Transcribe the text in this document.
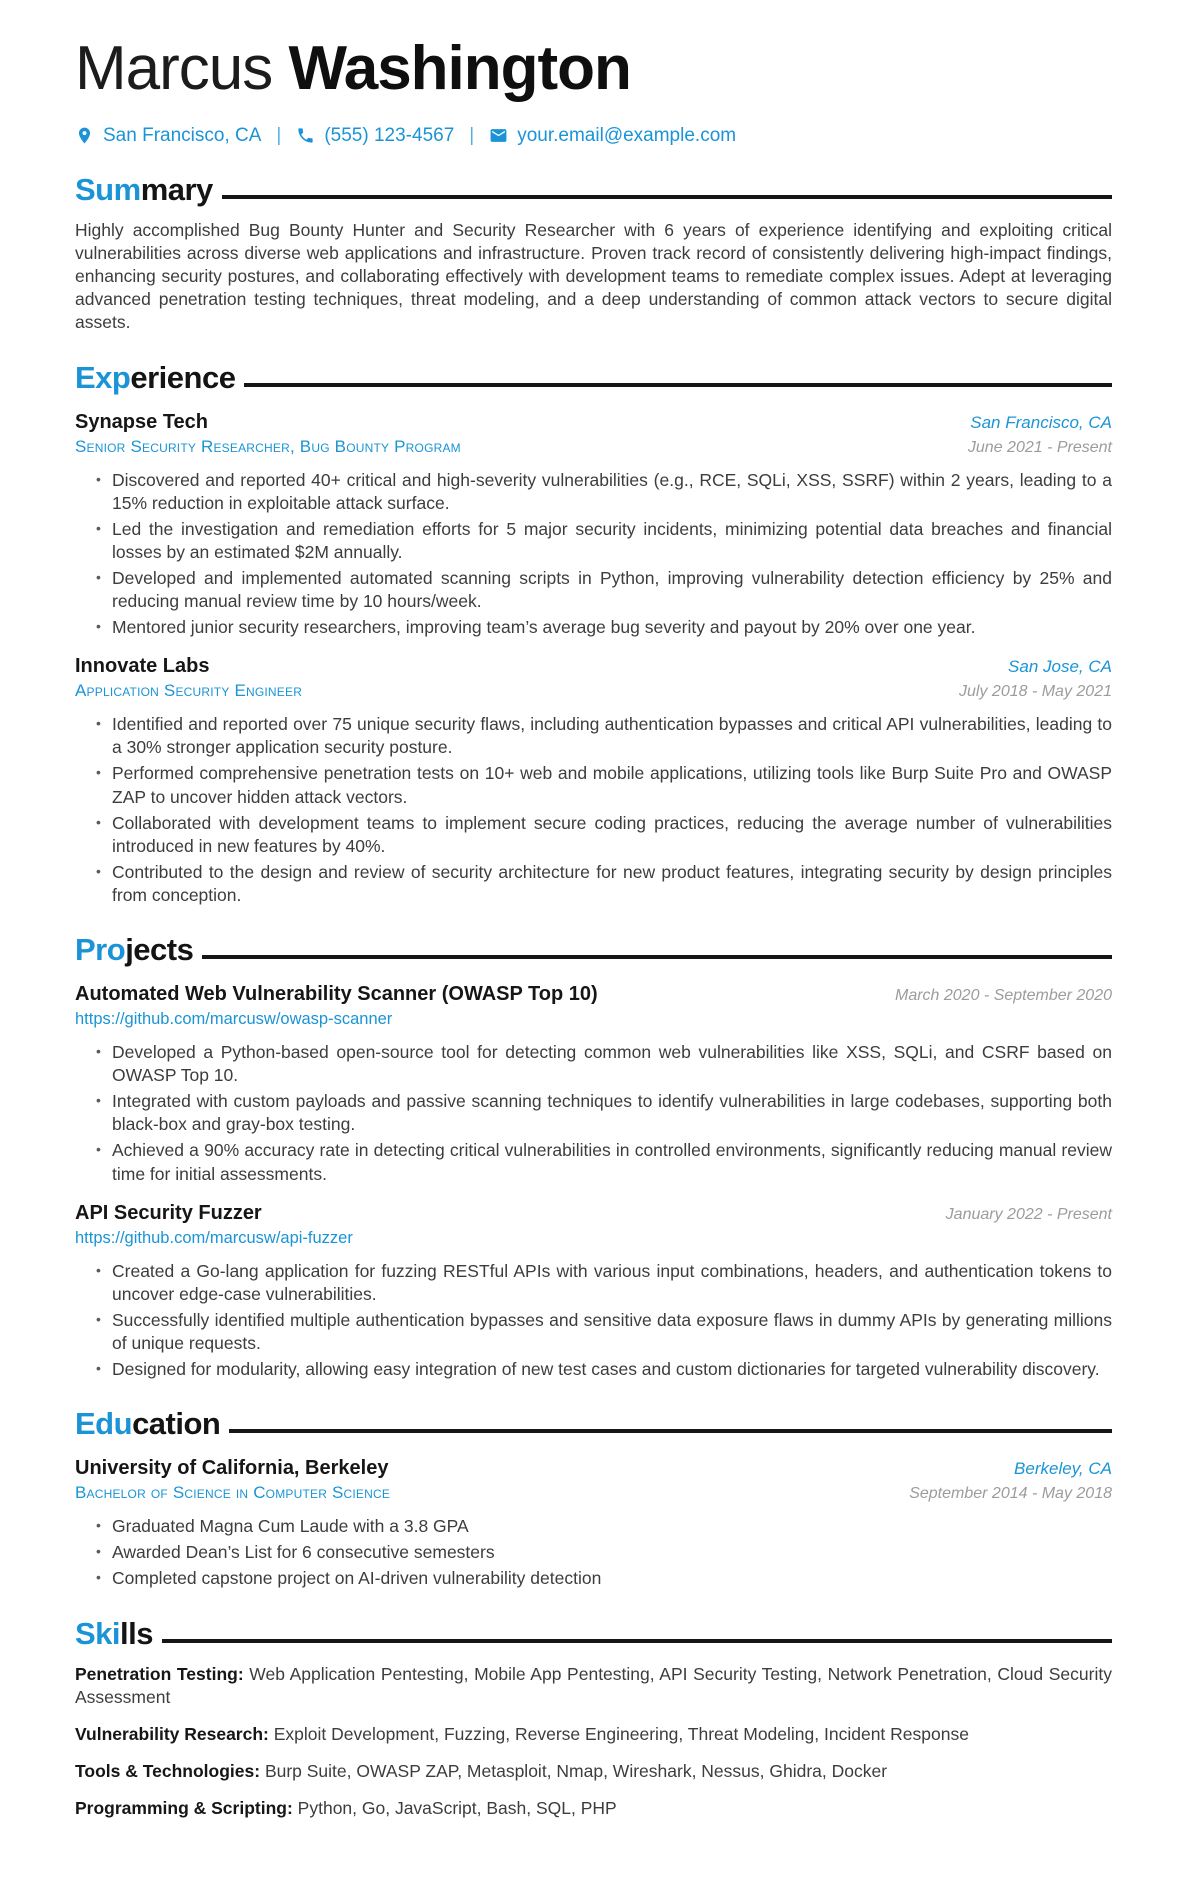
Marcus Washington
San Francisco, CA | (555) 123-4567 | your.email@example.com
Summary

Highly accomplished Bug Bounty Hunter and Security Researcher with 6 years of experience identifying and exploiting critical vulnerabilities across diverse web applications and infrastructure. Proven track record of consistently delivering high-impact findings, enhancing security postures, and collaborating effectively with development teams to remediate complex issues. Adept at leveraging advanced penetration testing techniques, threat modeling, and a deep understanding of common attack vectors to secure digital assets.

Experience
Synapse Tech	San Francisco, CA
Senior Security Researcher, Bug Bounty Program	June 2021 - Present
• Discovered and reported 40+ critical and high-severity vulnerabilities (e.g., RCE, SQLi, XSS, SSRF) within 2 years, leading to a 15% reduction in exploitable attack surface.
• Led the investigation and remediation efforts for 5 major security incidents, minimizing potential data breaches and financial losses by an estimated $2M annually.
• Developed and implemented automated scanning scripts in Python, improving vulnerability detection efficiency by 25% and reducing manual review time by 10 hours/week.
• Mentored junior security researchers, improving team’s average bug severity and payout by 20% over one year.
Innovate Labs	San Jose, CA
Application Security Engineer	July 2018 - May 2021
• Identified and reported over 75 unique security flaws, including authentication bypasses and critical API vulnerabilities, leading to a 30% stronger application security posture.
• Performed comprehensive penetration tests on 10+ web and mobile applications, utilizing tools like Burp Suite Pro and OWASP ZAP to uncover hidden attack vectors.
• Collaborated with development teams to implement secure coding practices, reducing the average number of vulnerabilities introduced in new features by 40%.
• Contributed to the design and review of security architecture for new product features, integrating security by design principles from conception.
Projects
Automated Web Vulnerability Scanner (OWASP Top 10)	March 2020 - September 2020
https://github.com/marcusw/owasp-scanner
• Developed a Python-based open-source tool for detecting common web vulnerabilities like XSS, SQLi, and CSRF based on OWASP Top 10.
• Integrated with custom payloads and passive scanning techniques to identify vulnerabilities in large codebases, supporting both black-box and gray-box testing.
• Achieved a 90% accuracy rate in detecting critical vulnerabilities in controlled environments, significantly reducing manual review time for initial assessments.
API Security Fuzzer	January 2022 - Present
https://github.com/marcusw/api-fuzzer
• Created a Go-lang application for fuzzing RESTful APIs with various input combinations, headers, and authentication tokens to uncover edge-case vulnerabilities.
• Successfully identified multiple authentication bypasses and sensitive data exposure flaws in dummy APIs by generating millions of unique requests.
• Designed for modularity, allowing easy integration of new test cases and custom dictionaries for targeted vulnerability discovery.
Education
University of California, Berkeley	Berkeley, CA
Bachelor of Science in Computer Science	September 2014 - May 2018
• Graduated Magna Cum Laude with a 3.8 GPA
• Awarded Dean’s List for 6 consecutive semesters
• Completed capstone project on AI-driven vulnerability detection
Skills

Penetration Testing: Web Application Pentesting, Mobile App Pentesting, API Security Testing, Network Penetration, Cloud Security Assessment

Vulnerability Research: Exploit Development, Fuzzing, Reverse Engineering, Threat Modeling, Incident Response

Tools & Technologies: Burp Suite, OWASP ZAP, Metasploit, Nmap, Wireshark, Nessus, Ghidra, Docker

Programming & Scripting: Python, Go, JavaScript, Bash, SQL, PHP
